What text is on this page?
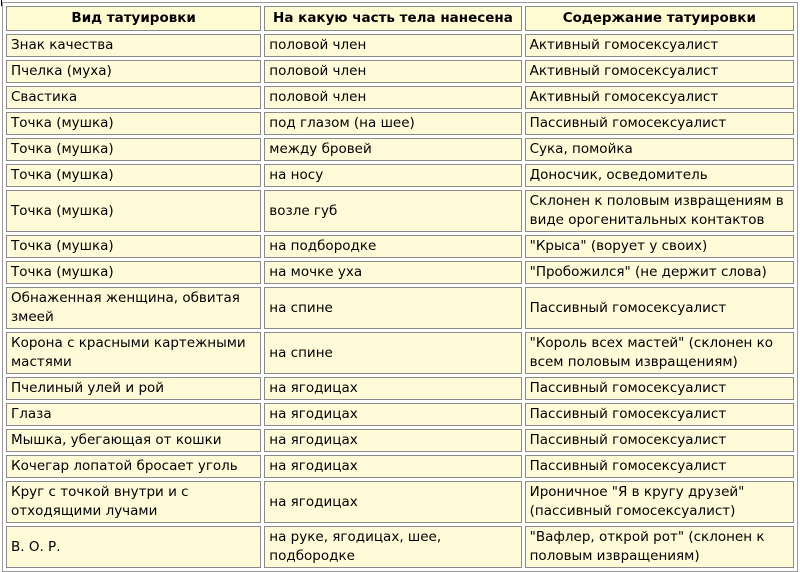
Вид татуировки	На какую часть тела нанесена	Содержание татуировки
Знак качества	половой член	Активный гомосексуалист
Пчелка (муха)	половой член	Активный гомосексуалист
Свастика	половой член	Активный гомосексуалист
Точка (мушка)	под глазом (на шее)	Пассивный гомосексуалист
Точка (мушка)	между бровей	Сука, помойка
Точка (мушка)	на носу	Доносчик, осведомитель
Точка (мушка)	возле губ	Склонен к половым извращениям в виде орогенитальных контактов
Точка (мушка)	на подбородке	"Крыса" (ворует у своих)
Точка (мушка)	на мочке уха	"Пробожился" (не держит слова)
Обнаженная женщина, обвитая змеей	на спине	Пассивный гомосексуалист
Корона с красными картежными мастями	на спине	"Король всех мастей" (склонен ко всем половым извращениям)
Пчелиный улей и рой	на ягодицах	Пассивный гомосексуалист
Глаза	на ягодицах	Пассивный гомосексуалист
Мышка, убегающая от кошки	на ягодицах	Пассивный гомосексуалист
Кочегар лопатой бросает уголь	на ягодицах	Пассивный гомосексуалист
Круг с точкой внутри и с отходящими лучами	на ягодицах	Ироничное "Я в кругу друзей" (пассивный гомосексуалист)
В. О. Р.	на руке, ягодицах, шее, подбородке	"Вафлер, открой рот" (склонен к половым извращениям)
